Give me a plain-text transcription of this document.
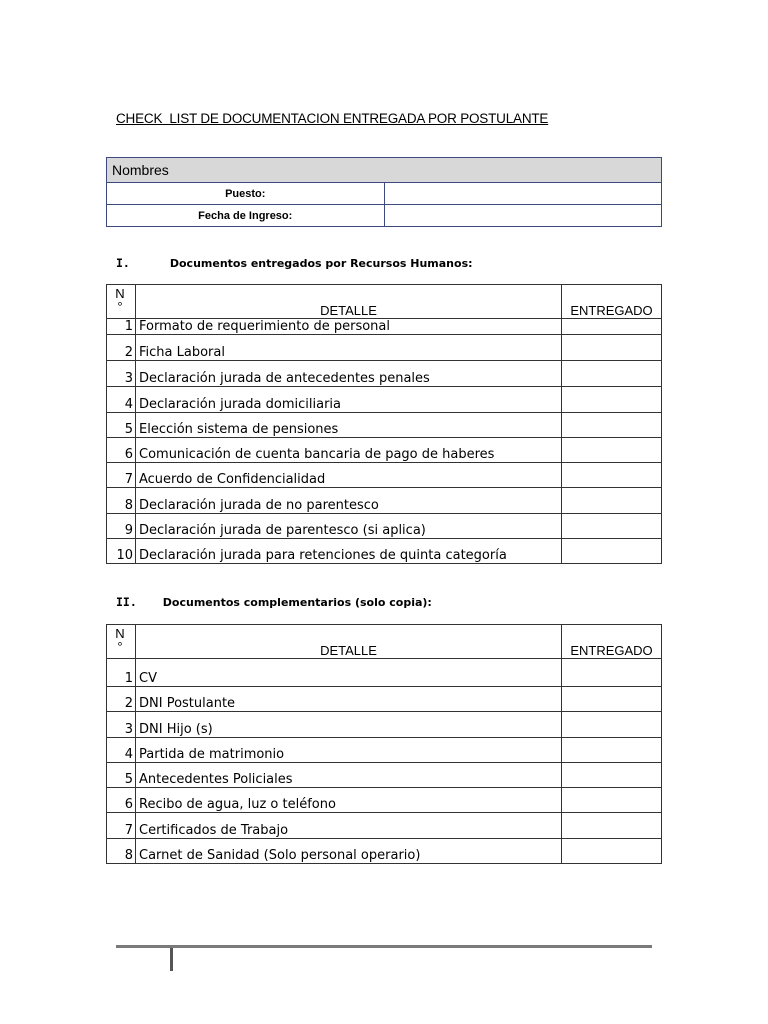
CHECK  LIST DE DOCUMENTACION ENTREGADA POR POSTULANTE
Nombres	
Puesto:	
Fecha de Ingreso:	
I.	Documentos entregados por Recursos Humanos:
N
°	DETALLE	ENTREGADO
1	Formato de requerimiento de personal	
2	Ficha Laboral	
3	Declaración jurada de antecedentes penales	
4	Declaración jurada domiciliaria	
5	Elección sistema de pensiones	
6	Comunicación de cuenta bancaria de pago de haberes	
7	Acuerdo de Confidencialidad	
8	Declaración jurada de no parentesco	
9	Declaración jurada de parentesco (si aplica)	
10	Declaración jurada para retenciones de quinta categoría	
II. Documentos complementarios (solo copia):
N
°	DETALLE	ENTREGADO
1	CV	
2	DNI Postulante	
3	DNI Hijo (s)	
4	Partida de matrimonio	
5	Antecedentes Policiales	
6	Recibo de agua, luz o teléfono	
7	Certificados de Trabajo	
8	Carnet de Sanidad (Solo personal operario)	
